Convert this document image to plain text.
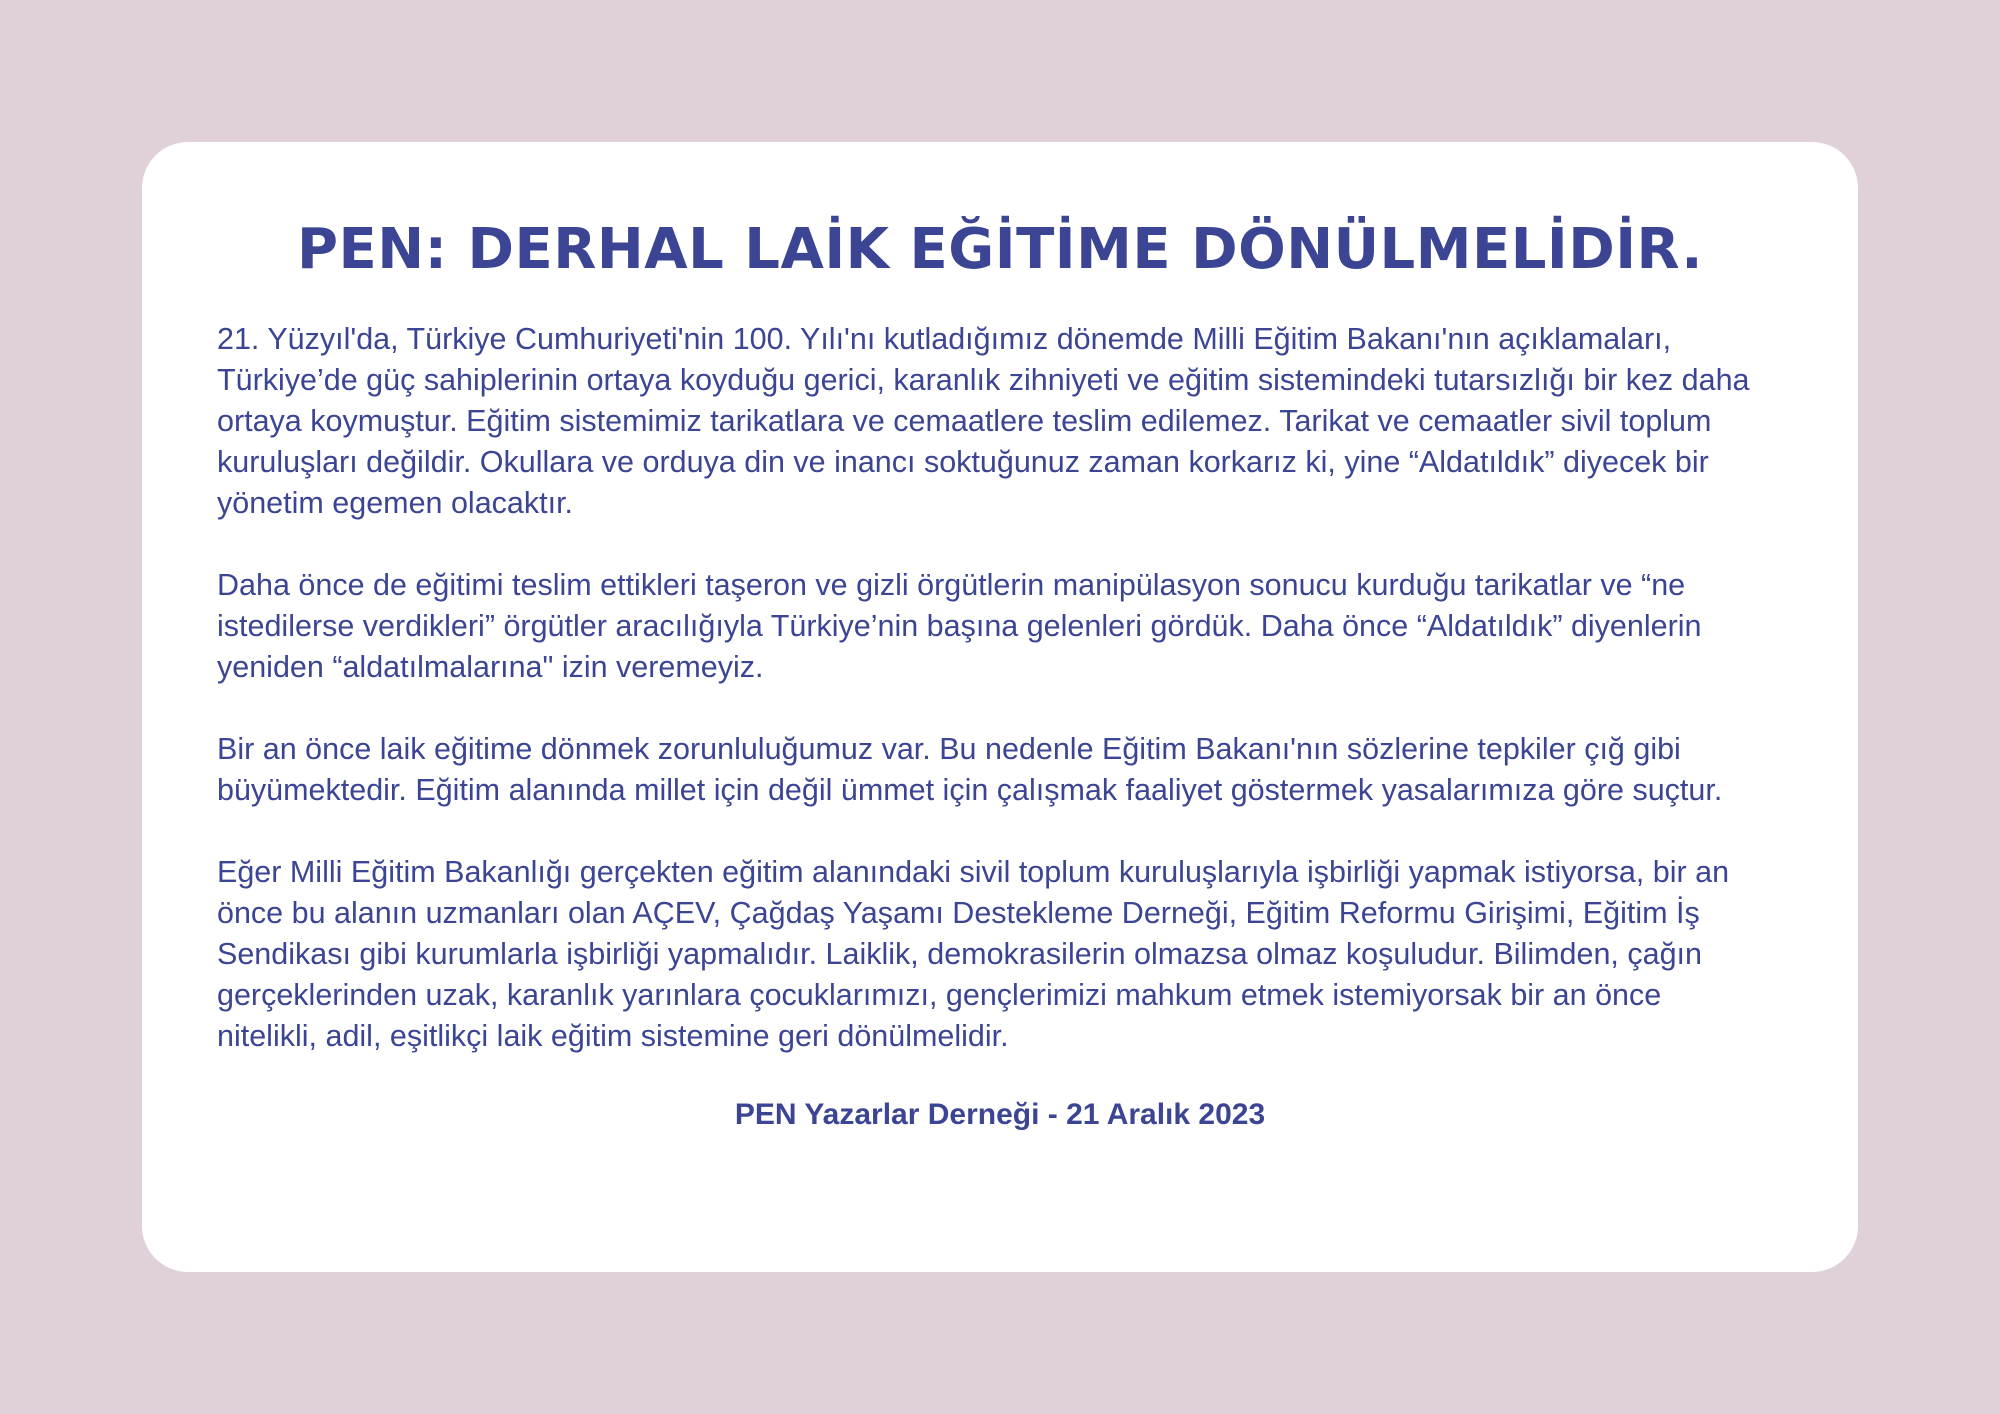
PEN: DERHAL LAİK EĞİTİME DÖNÜLMELİDİR.

21. Yüzyıl'da, Türkiye Cumhuriyeti'nin 100. Yılı'nı kutladığımız dönemde Milli Eğitim Bakanı'nın açıklamaları, Türkiye’de güç sahiplerinin ortaya koyduğu gerici, karanlık zihniyeti ve eğitim sistemindeki tutarsızlığı bir kez daha ortaya koymuştur. Eğitim sistemimiz tarikatlara ve cemaatlere teslim edilemez. Tarikat ve cemaatler sivil toplum kuruluşları değildir. Okullara ve orduya din ve inancı soktuğunuz zaman korkarız ki, yine “Aldatıldık” diyecek bir yönetim egemen olacaktır.

Daha önce de eğitimi teslim ettikleri taşeron ve gizli örgütlerin manipülasyon sonucu kurduğu tarikatlar ve “ne istedilerse verdikleri” örgütler aracılığıyla Türkiye’nin başına gelenleri gördük. Daha önce “Aldatıldık” diyenlerin yeniden “aldatılmalarına" izin veremeyiz.

Bir an önce laik eğitime dönmek zorunluluğumuz var. Bu nedenle Eğitim Bakanı'nın sözlerine tepkiler çığ gibi büyümektedir. Eğitim alanında millet için değil ümmet için çalışmak faaliyet göstermek yasalarımıza göre suçtur.

Eğer Milli Eğitim Bakanlığı gerçekten eğitim alanındaki sivil toplum kuruluşlarıyla işbirliği yapmak istiyorsa, bir an önce bu alanın uzmanları olan AÇEV, Çağdaş Yaşamı Destekleme Derneği, Eğitim Reformu Girişimi, Eğitim İş Sendikası gibi kurumlarla işbirliği yapmalıdır. Laiklik, demokrasilerin olmazsa olmaz koşuludur. Bilimden, çağın gerçeklerinden uzak, karanlık yarınlara çocuklarımızı, gençlerimizi mahkum etmek istemiyorsak bir an önce nitelikli, adil, eşitlikçi laik eğitim sistemine geri dönülmelidir.

PEN Yazarlar Derneği - 21 Aralık 2023
